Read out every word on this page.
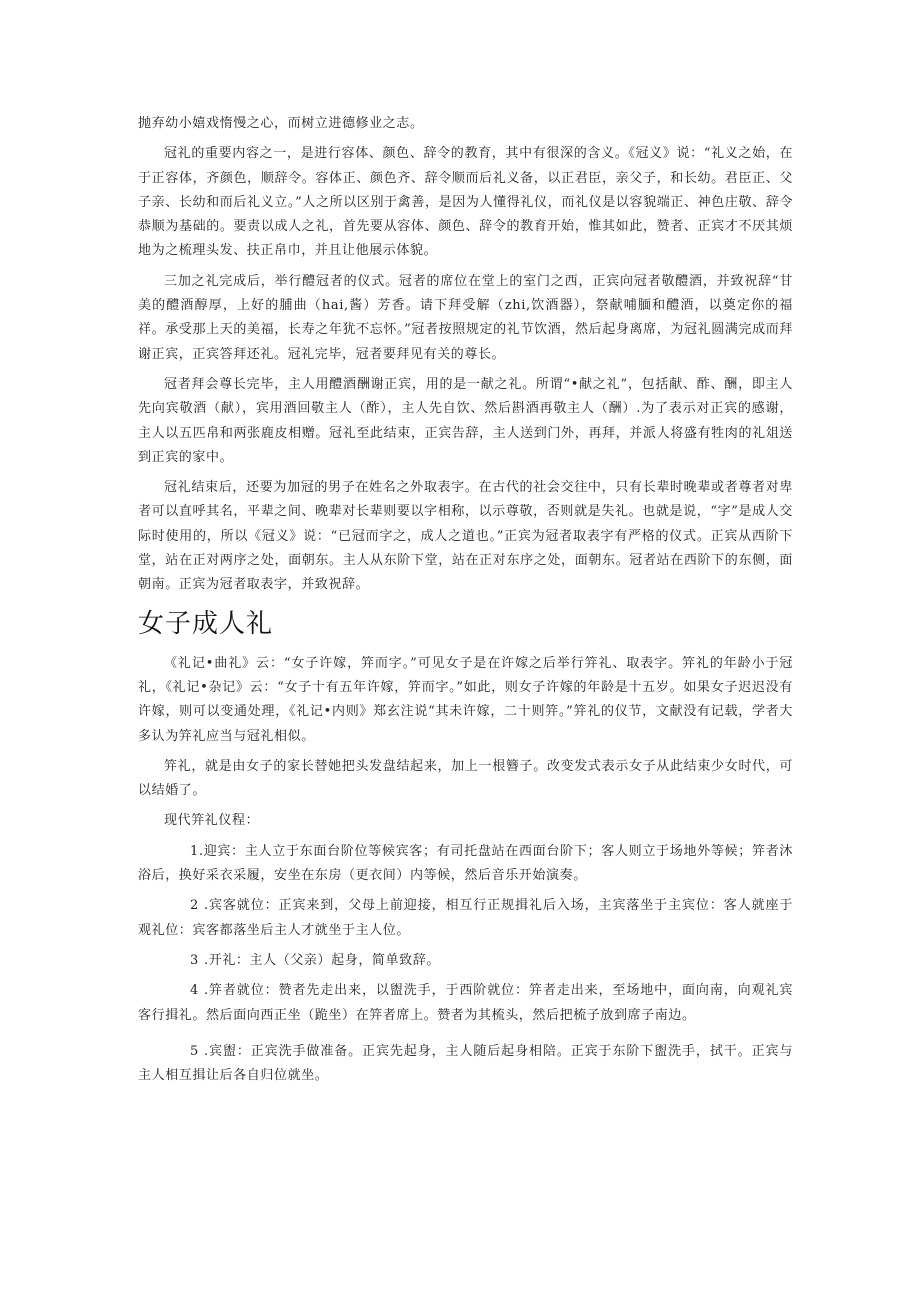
抛弃幼小嬉戏惰慢之心，而树立进德修业之志。

冠礼的重要内容之一，是进行容体、颜色、辞令的教育，其中有很深的含义。《冠义》说：“礼义之始，在于正容体，齐颜色，顺辞令。容体正、颜色齐、辞令顺而后礼义备，以正君臣，亲父子，和长幼。君臣正、父子亲、长幼和而后礼义立。”人之所以区别于禽善，是因为人懂得礼仪，而礼仪是以容貌端正、神色庄敬、辞令恭顺为基础的。要责以成人之礼，首先要从容体、颜色、辞令的教育开始，惟其如此，赞者、正宾才不厌其烦地为之梳理头发、扶正帛巾，并且让他展示体貌。

三加之礼完成后，举行醴冠者的仪式。冠者的席位在堂上的室门之西，正宾向冠者敬醴酒，并致祝辞“甘美的醴酒醇厚，上好的脯曲（hai,酱）芳香。请下拜受解（zhi,饮酒器），祭献哺腼和醴酒，以奠定你的福祥。承受那上天的美福，长寿之年犹不忘怀。”冠者按照规定的礼节饮酒，然后起身离席，为冠礼圆满完成而拜谢正宾，正宾答拜还礼。冠礼完毕，冠者要拜见有关的尊长。

冠者拜会尊长完毕，主人用醴酒酬谢正宾，用的是一献之礼。所谓“•献之礼”，包括献、酢、酬，即主人先向宾敬酒（献），宾用酒回敬主人（酢），主人先自饮、然后斟酒再敬主人（酬）.为了表示对正宾的感谢，主人以五匹帛和两张鹿皮相赠。冠礼至此结束，正宾告辞，主人送到门外，再拜，并派人将盛有牲肉的礼俎送到正宾的家中。

冠礼结束后，还要为加冠的男子在姓名之外取表字。在古代的社会交往中，只有长辈时晚辈或者尊者对卑者可以直呼其名，平辈之间、晚辈对长辈则要以字相称，以示尊敬，否则就是失礼。也就是说，“字”是成人交际时使用的，所以《冠义》说：“已冠而字之，成人之道也。”正宾为冠者取表字有严格的仪式。正宾从西阶下堂，站在正对两序之处，面朝东。主人从东阶下堂，站在正对东序之处，面朝东。冠者站在西阶下的东侧，面朝南。正宾为冠者取表字，并致祝辞。

女子成人礼

《礼记•曲礼》云：“女子许嫁，笄而字。”可见女子是在许嫁之后举行笄礼、取表字。笄礼的年龄小于冠礼，《礼记•杂记》云：“女子十有五年许嫁，笄而字。”如此，则女子许嫁的年龄是十五岁。如果女子迟迟没有许嫁，则可以变通处理，《礼记•内则》郑玄注说“其未许嫁，二十则笄。”笄礼的仪节，文献没有记载，学者大多认为笄礼应当与冠礼相似。

笄礼，就是由女子的家长替她把头发盘结起来，加上一根簪子。改变发式表示女子从此结束少女时代，可以结婚了。

现代笄礼仪程：

1.迎宾：主人立于东面台阶位等候宾客；有司托盘站在西面台阶下；客人则立于场地外等候；笄者沐浴后，换好采衣采履，安坐在东房（更衣间）内等候，然后音乐开始演奏。

2 .宾客就位：正宾来到，父母上前迎接，相互行正规揖礼后入场，主宾落坐于主宾位：客人就座于观礼位：宾客都落坐后主人才就坐于主人位。

3 .开礼：主人（父亲）起身，简单致辞。

4 .笄者就位：赞者先走出来，以盥洗手，于西阶就位：笄者走出来，至场地中，面向南，向观礼宾客行揖礼。然后面向西正坐（跪坐）在笄者席上。赞者为其梳头，然后把梳子放到席子南边。

5 .宾盥：正宾洗手做准备。正宾先起身，主人随后起身相陪。正宾于东阶下盥洗手，拭干。正宾与主人相互揖让后各自归位就坐。
